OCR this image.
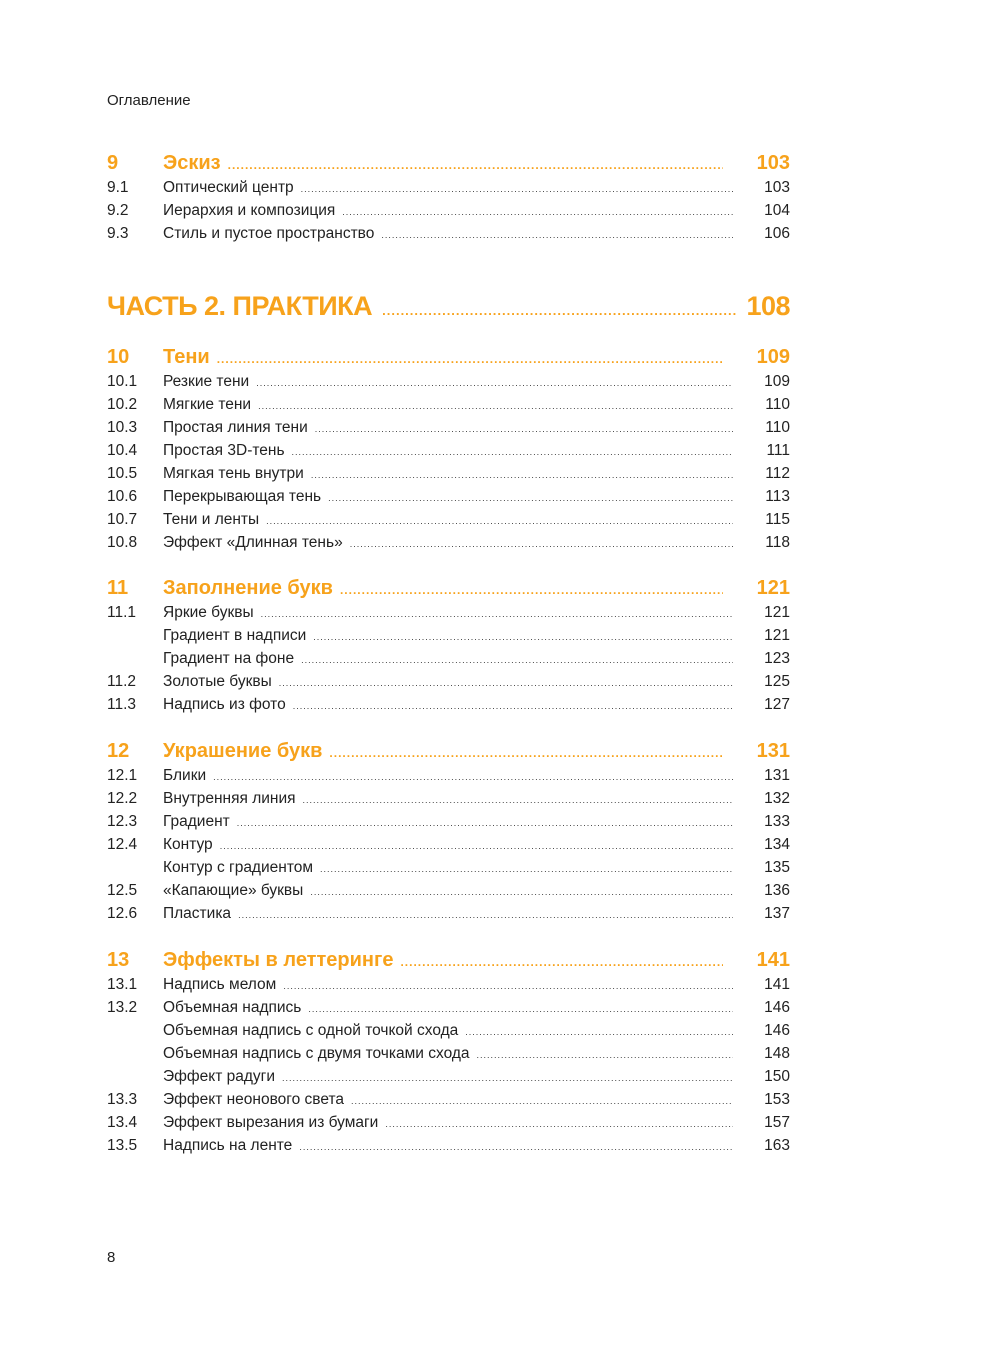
Оглавление
ЧАСТЬ 2. ПРАКТИКА .....	108
9	Эскиз .....	103
9.1	Оптический центр .....	103
9.2	Иерархия и композиция .....	104
9.3	Стиль и пустое пространство .....	106
10	Тени .....	109
10.1	Резкие тени .....	109
10.2	Мягкие тени .....	110
10.3	Простая линия тени .....	110
10.4	Простая 3D-тень .....	111
10.5	Мягкая тень внутри .....	112
10.6	Перекрывающая тень .....	113
10.7	Тени и ленты .....	115
10.8	Эффект «Длинная тень» .....	118
11	Заполнение букв .....	121
11.1	Яркие буквы .....	121
Градиент в надписи .....	121
Градиент на фоне .....	123
11.2	Золотые буквы .....	125
11.3	Надпись из фото .....	127
12	Украшение букв .....	131
12.1	Блики .....	131
12.2	Внутренняя линия .....	132
12.3	Градиент .....	133
12.4	Контур .....	134
Контур с градиентом .....	135
12.5	«Капающие» буквы .....	136
12.6	Пластика .....	137
13	Эффекты в леттеринге .....	141
13.1	Надпись мелом .....	141
13.2	Объемная надпись .....	146
Объемная надпись с одной точкой схода .....	146
Объемная надпись с двумя точками схода .....	148
Эффект радуги .....	150
13.3	Эффект неонового света .....	153
13.4	Эффект вырезания из бумаги .....	157
13.5	Надпись на ленте .....	163
8
